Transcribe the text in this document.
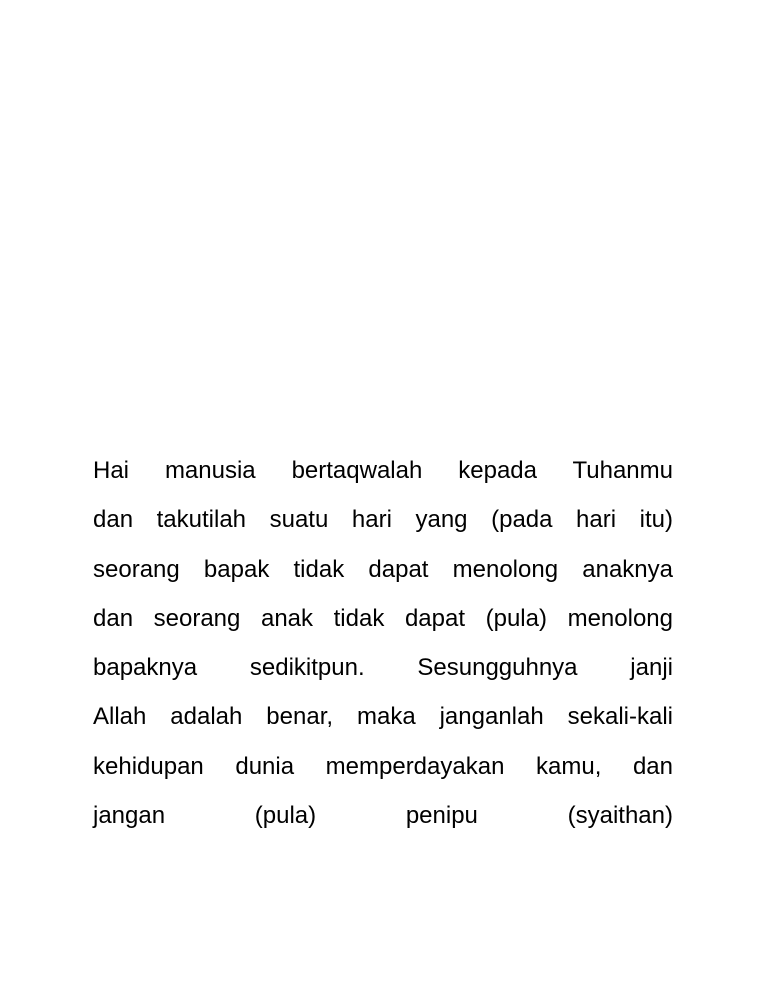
Hai manusia bertaqwalah kepada Tuhanmu
dan takutilah suatu hari yang (pada hari itu)
seorang bapak tidak dapat menolong anaknya
dan seorang anak tidak dapat (pula) menolong
bapaknya sedikitpun. Sesungguhnya janji
Allah adalah benar, maka janganlah sekali-kali
kehidupan dunia memperdayakan kamu, dan
jangan (pula) penipu (syaithan)
